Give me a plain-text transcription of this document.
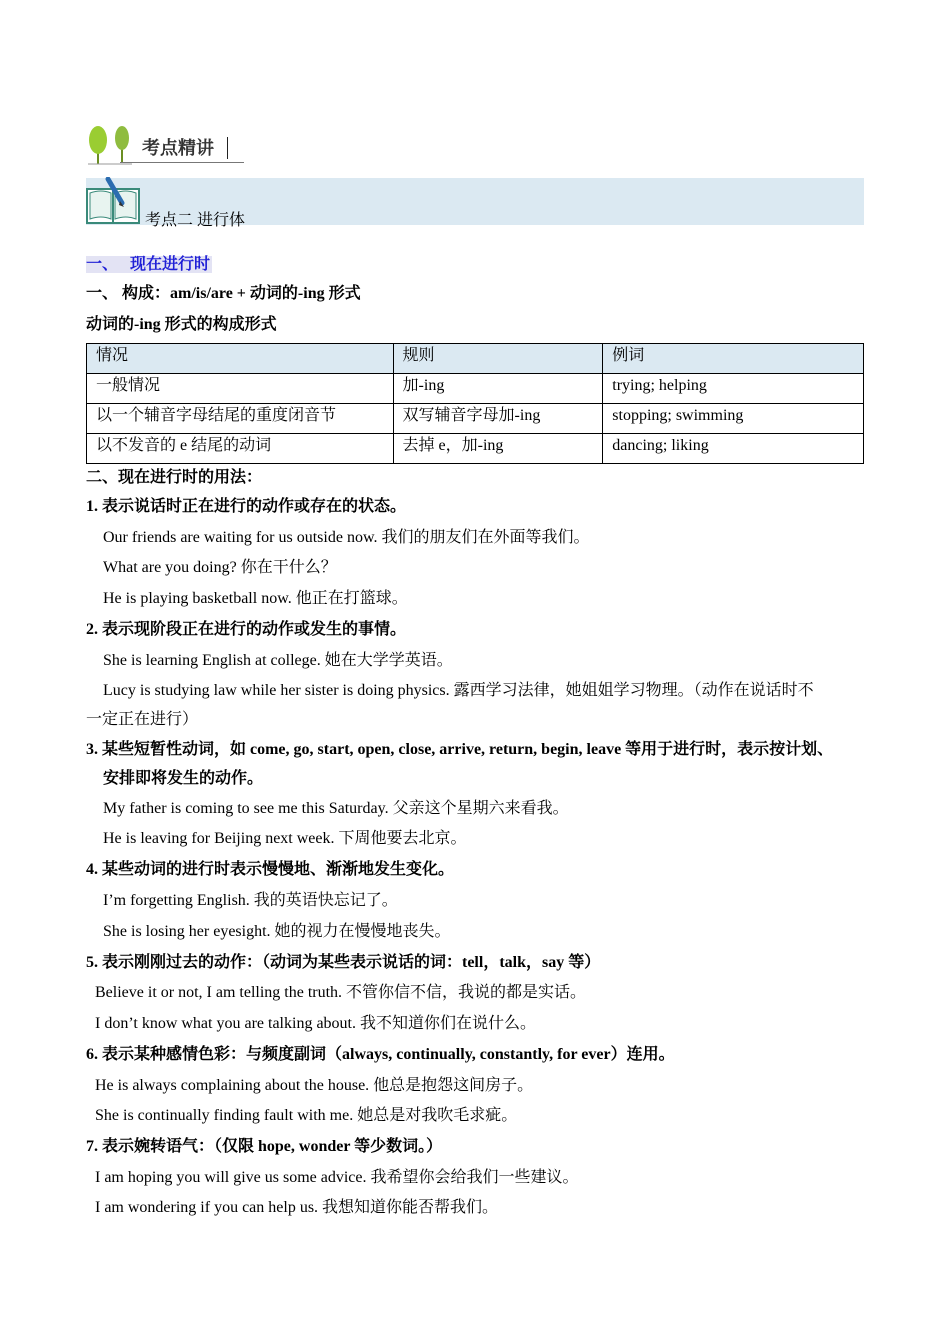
考点精讲
考点二 进行体
一、 现在进行时
一、 构成：am/is/are + 动词的-ing 形式
动词的-ing 形式的构成形式
情况	规则	例词
一般情况	加-ing	trying; helping
以一个辅音字母结尾的重度闭音节	双写辅音字母加-ing	stopping; swimming
以不发音的 e 结尾的动词	去掉 e，加-ing	dancing; liking
二、现在进行时的用法：
1. 表示说话时正在进行的动作或存在的状态。
Our friends are waiting for us outside now. 我们的朋友们在外面等我们。
What are you doing? 你在干什么？
He is playing basketball now. 他正在打篮球。
2. 表示现阶段正在进行的动作或发生的事情。
She is learning English at college. 她在大学学英语。
Lucy is studying law while her sister is doing physics. 露西学习法律，她姐姐学习物理。（动作在说话时不
一定正在进行）
3. 某些短暂性动词，如 come, go, start, open, close, arrive, return, begin, leave 等用于进行时，表示按计划、
安排即将发生的动作。
My father is coming to see me this Saturday. 父亲这个星期六来看我。
He is leaving for Beijing next week. 下周他要去北京。
4. 某些动词的进行时表示慢慢地、渐渐地发生变化。
I’m forgetting English. 我的英语快忘记了。
She is losing her eyesight. 她的视力在慢慢地丧失。
5. 表示刚刚过去的动作：（动词为某些表示说话的词：tell，talk，say 等）
Believe it or not, I am telling the truth. 不管你信不信，我说的都是实话。
I don’t know what you are talking about. 我不知道你们在说什么。
6. 表示某种感情色彩：与频度副词（always, continually, constantly, for ever）连用。
He is always complaining about the house. 他总是抱怨这间房子。
She is continually finding fault with me. 她总是对我吹毛求疵。
7. 表示婉转语气：（仅限 hope, wonder 等少数词。）
I am hoping you will give us some advice. 我希望你会给我们一些建议。
I am wondering if you can help us. 我想知道你能否帮我们。
